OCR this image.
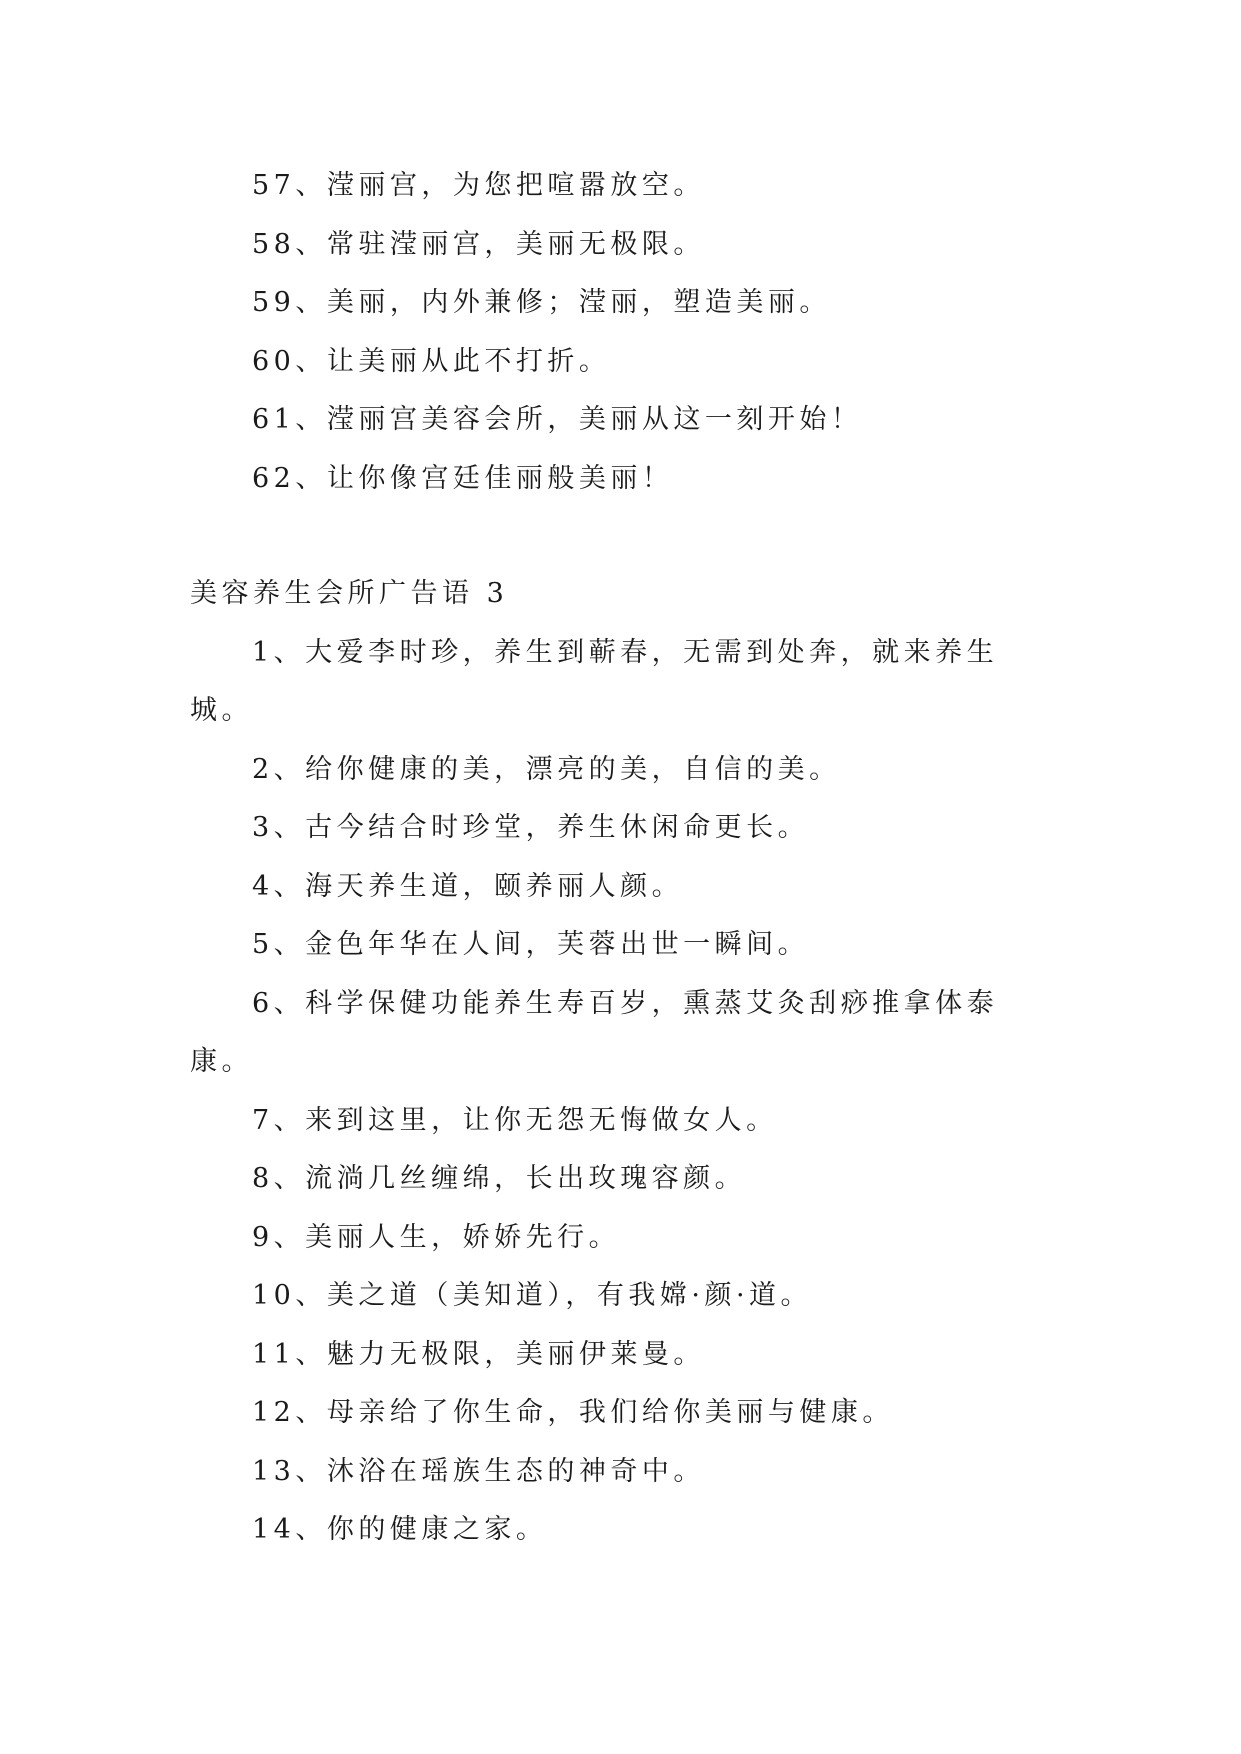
57、滢丽宫，为您把喧嚣放空。

58、常驻滢丽宫，美丽无极限。

59、美丽，内外兼修；滢丽，塑造美丽。

60、让美丽从此不打折。

61、滢丽宫美容会所，美丽从这一刻开始！

62、让你像宫廷佳丽般美丽！

美容养生会所广告语 3

1、大爱李时珍，养生到蕲春，无需到处奔，就来养生城。

2、给你健康的美，漂亮的美，自信的美。

3、古今结合时珍堂，养生休闲命更长。

4、海天养生道，颐养丽人颜。

5、金色年华在人间，芙蓉出世一瞬间。

6、科学保健功能养生寿百岁，熏蒸艾灸刮痧推拿体泰康。

7、来到这里，让你无怨无悔做女人。

8、流淌几丝缠绵，长出玫瑰容颜。

9、美丽人生，娇娇先行。

10、美之道（美知道），有我嫦·颜·道。

11、魅力无极限，美丽伊莱曼。

12、母亲给了你生命，我们给你美丽与健康。

13、沐浴在瑶族生态的神奇中。

14、你的健康之家。
